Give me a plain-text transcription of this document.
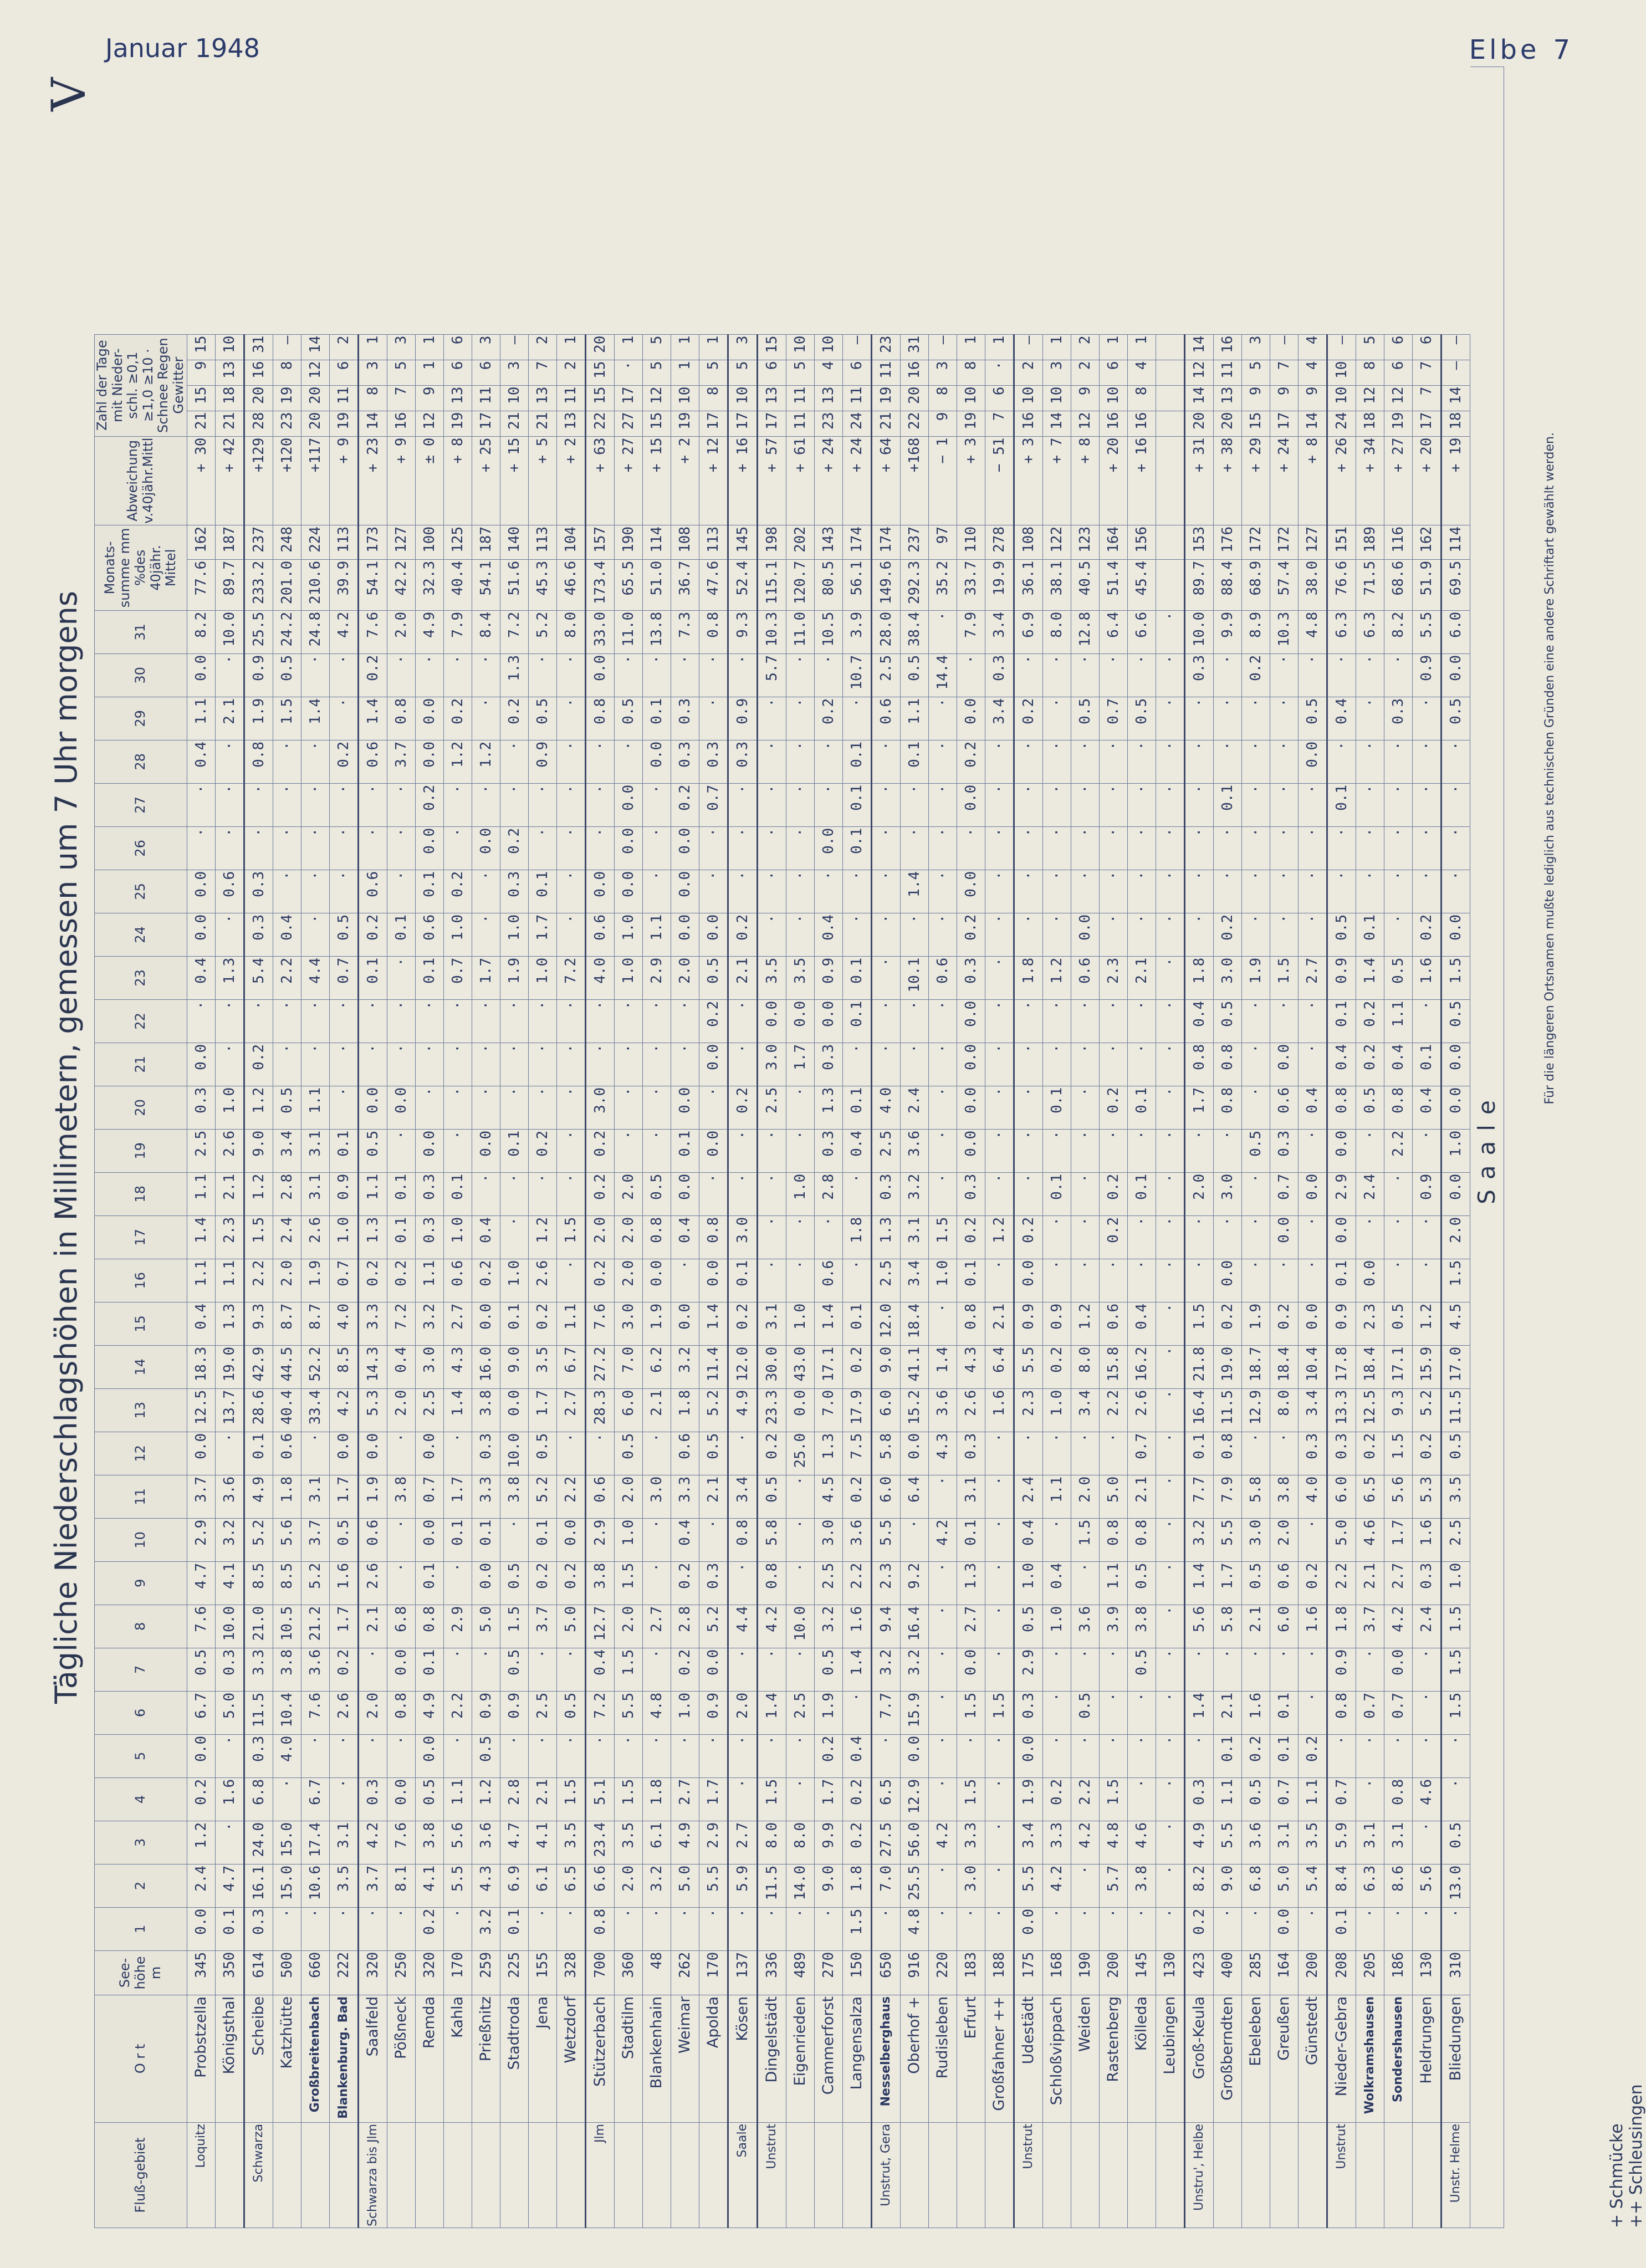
Januar 1948	Elbe 7
Tägliche Niederschlagshöhen in Millimetern, gemessen um 7 Uhr morgens
V
Fluß-gebiet	O r t	See-höhe m	1	2	3	4	5	6	7	8	9	10	11	12	13	14	15	16	17	18	19	20	21	22	23	24	25	26	27	28	29	30	31	Monats-summe mm
%des 40jähr. Mittel		Abweichung v.40jähr.Mittl	Zahl der Tage mit Nieder-schl. ≥0,1 ≥1,0 ≥10 · Schnee Regen Gewitter			
Loquitz	Probstzella	345	0.0	2.4	1.2	0.2	0.0	6.7	0.5	7.6	4.7	2.9	3.7	0.0	12.5	18.3	0.4	1.1	1.4	1.1	2.5	0.3	0.0	·	0.4	0.0	0.0	·	·	0.4	1.1	0.0	8.2	77.6	162	+ 30	21	15	9	15
	Königsthal	350	0.1	4.7	·	1.6	·	5.0	0.3	10.0	4.1	3.2	3.6	·	13.7	19.0	1.3	1.1	2.3	2.1	2.6	1.0	·	·	1.3	·	0.6	·	·	·	2.1	·	10.0	89.7	187	+ 42	21	18	13	10
Schwarza	Scheibe	614	0.3	16.1	24.0	6.8	0.3	11.5	3.3	21.0	8.5	5.2	4.9	0.1	28.6	42.9	9.3	2.2	1.5	1.2	9.0	1.2	0.2	·	5.4	0.3	0.3	·	·	0.8	1.9	0.9	25.5	233.2	237	+129	28	20	16	31
	Katzhütte	500	·	15.0	15.0	·	4.0	10.4	3.8	10.5	8.5	5.6	1.8	0.6	40.4	44.5	8.7	2.0	2.4	2.8	3.4	0.5	·	·	2.2	0.4	·	·	·	·	1.5	0.5	24.2	201.0	248	+120	23	19	8	—
	Großbreitenbach	660	·	10.6	17.4	6.7	·	7.6	3.6	21.2	5.2	3.7	3.1	·	33.4	52.2	8.7	1.9	2.6	3.1	3.1	1.1	·	·	4.4	·	·	·	·	·	1.4	·	24.8	210.6	224	+117	20	20	12	14
	Blankenburg. Bad	222	·	3.5	3.1	·	·	2.6	0.2	1.7	1.6	0.5	1.7	0.0	4.2	8.5	4.0	0.7	1.0	0.9	0.1	·	·	·	0.7	0.5	·	·	·	0.2	·	·	4.2	39.9	113	+ 9	19	11	6	2
Schwarza bis Jlm	Saalfeld	320	·	3.7	4.2	0.3	·	2.0	·	2.1	2.6	0.6	1.9	0.0	5.3	14.3	3.3	0.2	1.3	1.1	0.5	0.0	·	·	0.1	0.2	0.6	·	·	0.6	1.4	0.2	7.6	54.1	173	+ 23	14	8	3	1
	Pößneck	250	·	8.1	7.6	0.0	·	0.8	0.0	6.8	·	·	3.8	·	2.0	0.4	7.2	0.2	0.1	0.1	·	0.0	·	·	·	0.1	·	·	·	3.7	0.8	·	2.0	42.2	127	+ 9	16	7	5	3
	Remda	320	0.2	4.1	3.8	0.5	0.0	4.9	0.1	0.8	0.1	0.0	0.7	0.0	2.5	3.0	3.2	1.1	0.3	0.3	0.0	·	·	·	0.1	0.6	0.1	0.0	0.2	0.0	0.0	·	4.9	32.3	100	± 0	12	9	1	1
	Kahla	170	·	5.5	5.6	1.1	·	2.2	·	2.9	·	0.1	1.7	·	1.4	4.3	2.7	0.6	1.0	0.1	·	·	·	·	0.7	1.0	0.2	·	·	1.2	0.2	·	7.9	40.4	125	+ 8	19	13	6	6
	Prießnitz	259	3.2	4.3	3.6	1.2	0.5	0.9	·	5.0	0.0	0.1	3.3	0.3	3.8	16.0	0.0	0.2	0.4	·	0.0	·	·	·	1.7	·	·	0.0	·	1.2	·	·	8.4	54.1	187	+ 25	17	11	6	3
	Stadtroda	225	0.1	6.9	4.7	2.8	·	0.9	0.5	1.5	0.5	·	3.8	10.0	0.0	9.0	0.1	1.0	·	·	0.1	·	·	·	1.9	1.0	0.3	0.2	·	·	0.2	1.3	7.2	51.6	140	+ 15	21	10	3	—
	Jena	155	·	6.1	4.1	2.1	·	2.5	·	3.7	0.2	0.1	5.2	0.5	1.7	3.5	0.2	2.6	1.2	·	0.2	·	·	·	1.0	1.7	0.1	·	·	0.9	0.5	·	5.2	45.3	113	+ 5	21	13	7	2
	Wetzdorf	328	·	6.5	3.5	1.5	·	0.5	·	5.0	0.2	0.0	2.2	·	2.7	6.7	1.1	·	1.5	·	·	·	·	·	7.2	·	·	·	·	·	·	·	8.0	46.6	104	+ 2	13	11	2	1
Jlm	Stützerbach	700	0.8	6.6	23.4	5.1	·	7.2	0.4	12.7	3.8	2.9	0.6	·	28.3	27.2	7.6	0.2	2.0	0.2	0.2	3.0	·	·	4.0	0.6	0.0	·	·	·	0.8	0.0	33.0	173.4	157	+ 63	22	15	15	20
	Stadtilm	360	·	2.0	3.5	1.5	·	5.5	1.5	2.0	1.5	1.0	2.0	0.5	6.0	7.0	3.0	2.0	2.0	2.0	·	·	·	·	1.0	1.0	0.0	0.0	0.0	·	0.5	·	11.0	65.5	190	+ 27	27	17	·	1
	Blankenhain	48	·	3.2	6.1	1.8	·	4.8	·	2.7	·	·	3.0	·	2.1	6.2	1.9	0.0	0.8	0.5	·	·	·	·	2.9	1.1	·	·	·	0.0	0.1	·	13.8	51.0	114	+ 15	15	12	5	5
	Weimar	262	·	5.0	4.9	2.7	·	1.0	0.2	2.8	0.2	0.4	3.3	0.6	1.8	3.2	0.0	·	0.4	0.0	0.1	0.0	·	·	2.0	0.0	0.0	0.0	0.2	0.3	0.3	·	7.3	36.7	108	+ 2	19	10	1	1
	Apolda	170	·	5.5	2.9	1.7	·	0.9	0.0	5.2	0.3	·	2.1	0.5	5.2	11.4	1.4	0.0	0.8	·	0.0	·	0.0	0.2	0.5	0.0	·	·	0.7	0.3	·	·	0.8	47.6	113	+ 12	17	8	5	1
Saale	Kösen	137	·	5.9	2.7	·	·	2.0	·	4.4	·	0.8	3.4	·	4.9	12.0	0.2	0.1	3.0	·	·	0.2	·	·	2.1	0.2	·	·	·	0.3	0.9	·	9.3	52.4	145	+ 16	17	10	5	3
Unstrut	Dingelstädt	336	·	11.5	8.0	1.5	·	1.4	·	4.2	0.8	5.8	0.5	0.2	23.3	30.0	3.1	·	·	·	·	2.5	3.0	0.0	3.5	·	·	·	·	·	·	5.7	10.3	115.1	198	+ 57	17	13	6	15
	Eigenrieden	489	·	14.0	8.0	·	·	2.5	·	10.0	·	·	·	25.0	0.0	43.0	1.0	·	·	1.0	·	·	1.7	0.0	3.5	·	·	·	·	·	·	·	11.0	120.7	202	+ 61	11	11	5	10
	Cammerforst	270	·	9.0	9.9	1.7	0.2	1.9	0.5	3.2	2.5	3.0	4.5	1.3	7.0	17.1	1.4	0.6	·	2.8	0.3	1.3	0.3	0.0	0.9	0.4	·	0.0	·	·	0.2	·	10.5	80.5	143	+ 24	23	13	4	10
	Langensalza	150	1.5	1.8	0.2	0.2	0.4	·	1.4	1.6	2.2	3.6	0.2	7.5	17.9	0.2	0.1	·	1.8	·	0.4	0.1	·	0.1	0.1	·	·	0.1	0.1	0.1	·	10.7	3.9	56.1	174	+ 24	24	11	6	—
Unstrut, Gera	Nesselberghaus	650	·	7.0	27.5	6.5	·	7.7	3.2	9.4	2.3	5.5	6.0	5.8	6.0	9.0	12.0	2.5	1.3	0.3	2.5	4.0	·	·	·	·	·	·	·	·	0.6	2.5	28.0	149.6	174	+ 64	21	19	11	23
	Oberhof +	916	4.8	25.5	56.0	12.9	0.0	15.9	3.2	16.4	9.2	·	6.4	0.0	15.2	41.1	18.4	3.4	3.1	3.2	3.6	2.4	·	·	10.1	·	1.4	·	·	0.1	1.1	0.5	38.4	292.3	237	+168	22	20	16	31
	Rudisleben	220	·	·	4.2	·	·	·	·	·	·	4.2	·	4.3	3.6	1.4	·	1.0	1.5	·	·	·	·	·	0.6	·	·	·	·	·	·	14.4	·	35.2	97	− 1	9	8	3	—
	Erfurt	183	·	3.0	3.3	1.5	·	1.5	0.0	2.7	1.3	0.1	3.1	0.3	2.6	4.3	0.8	0.1	0.2	0.3	0.0	0.0	0.0	0.0	0.3	0.2	0.0	·	0.0	0.2	0.0	·	7.9	33.7	110	+ 3	19	10	8	1
	Großfahner ++	188	·	·	·	·	·	1.5	·	·	·	·	·	·	1.6	6.4	2.1	·	1.2	·	·	·	·	·	·	·	·	·	·	·	3.4	0.3	3.4	19.9	278	− 51	7	6	·	1
Unstrut	Udestädt	175	0.0	5.5	3.4	1.9	0.0	0.3	2.9	0.5	1.0	0.4	2.4	·	2.3	5.5	0.9	0.0	0.2	·	·	·	·	·	1.8	·	·	·	·	·	0.2	·	6.9	36.1	108	+ 3	16	10	2	—
	Schloßvippach	168	·	4.2	3.3	0.2	·	·	·	1.0	0.4	·	1.1	·	1.0	0.2	0.9	·	·	0.1	·	0.1	·	·	1.2	·	·	·	·	·	·	·	8.0	38.1	122	+ 7	14	10	3	1
	Weiden	190	·	·	4.2	2.2	·	0.5	·	3.6	·	1.5	2.0	·	3.4	8.0	1.2	·	·	·	·	·	·	·	0.6	0.0	·	·	·	·	0.5	·	12.8	40.5	123	+ 8	12	9	2	2
	Rastenberg	200	·	5.7	4.8	1.5	·	·	·	3.9	1.1	0.8	5.0	·	2.2	15.8	0.6	·	0.2	0.2	·	0.2	·	·	2.3	·	·	·	·	·	0.7	·	6.4	51.4	164	+ 20	16	10	6	1
	Kölleda	145	·	3.8	4.6	·	·	·	0.5	3.8	0.5	0.8	2.1	0.7	2.6	16.2	0.4	·	·	0.1	·	0.1	·	·	2.1	·	·	·	·	·	0.5	·	6.6	45.4	156	+ 16	16	8	4	1
	Leubingen	130	·	·	·	·	·	·	·	·	·	·	·	·	·	·	·	·	·	·	·	·	·	·	·	·	·	·	·	·	·	·	·							
Unstru', Helbe	Groß-Keula	423	0.2	8.2	4.9	0.3	·	1.4	·	5.6	1.4	3.2	7.7	0.1	16.4	21.8	1.5	·	·	2.0	·	1.7	0.8	0.4	1.8	·	·	·	·	·	·	0.3	10.0	89.7	153	+ 31	20	14	12	14
	Großberndten	400	·	9.0	5.5	1.1	0.1	2.1	·	5.8	1.7	5.5	7.9	0.8	11.5	19.0	0.2	0.0	·	3.0	·	0.8	0.8	0.5	3.0	0.2	·	·	0.1	·	·	·	9.9	88.4	176	+ 38	20	13	11	16
	Ebeleben	285	·	6.8	3.6	0.5	0.2	1.6	·	2.1	0.5	3.0	5.8	·	12.9	18.7	1.9	·	·	·	0.5	·	·	·	1.9	·	·	·	·	·	·	0.2	8.9	68.9	172	+ 29	15	9	5	3
	Greußen	164	0.0	5.0	3.1	0.7	0.1	0.1	·	6.0	0.6	2.0	3.8	·	8.0	18.4	0.2	·	0.0	0.7	0.3	0.6	0.0	·	1.5	·	·	·	·	·	·	·	10.3	57.4	172	+ 24	17	9	7	—
	Günstedt	200	·	5.4	3.5	1.1	0.2	·	·	1.6	0.2	·	4.0	0.3	3.4	10.4	0.0	·	·	0.0	·	0.4	·	·	2.7	·	·	·	·	0.0	0.5	·	4.8	38.0	127	+ 8	14	9	4	4
Unstrut	Nieder-Gebra	208	0.1	8.4	5.9	0.7	·	0.8	0.9	1.8	2.2	5.0	6.0	0.3	13.3	17.8	0.9	0.1	0.0	2.9	0.0	0.8	0.4	0.1	0.9	0.5	·	·	0.1	·	0.4	·	6.3	76.6	151	+ 26	24	10	10	—
	Wolkramshausen	205	·	6.3	3.1	·	·	0.7	·	3.7	2.1	4.6	6.5	0.2	12.5	18.4	2.3	0.0	·	2.4	·	0.5	0.2	0.2	1.4	0.1	·	·	·	·	·	·	6.3	71.5	189	+ 34	18	12	8	5
	Sondershausen	186	·	8.6	3.1	0.8	·	0.7	0.0	4.2	2.7	1.7	5.6	1.5	9.3	17.1	0.5	·	·	·	2.2	0.8	0.4	1.1	0.5	·	·	·	·	·	0.3	·	8.2	68.6	116	+ 27	19	12	6	6
	Heldrungen	130	·	5.6	·	4.6	·	·	·	2.4	0.3	1.6	5.3	0.2	5.2	15.9	1.2	·	·	0.9	·	0.4	0.1	·	1.6	0.2	·	·	·	·	·	0.9	5.5	51.9	162	+ 20	17	7	7	6
Unstr. Helme	Bliedungen	310	·	13.0	0.5	·	·	1.5	1.5	1.5	1.0	2.5	3.5	0.5	11.5	17.0	4.5	1.5	2.0	0.0	1.0	0.0	0.0	0.5	1.5	0.0	·	·	·	·	0.5	0.0	6.0	69.5	114	+ 19	18	14	—	—
Saale
+ Schmücke ++ Schleusingen
Für die längeren Ortsnamen mußte lediglich aus technischen Gründen eine andere Schriftart gewählt werden.
